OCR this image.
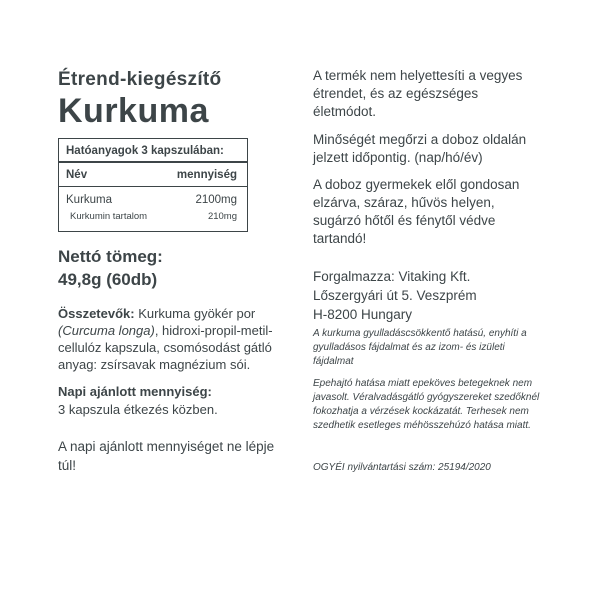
Étrend-kiegészítő
Kurkuma
Hatóanyagok 3 kapszulában:
Név	mennyiség
Kurkuma	2100mg
Kurkumin tartalom	210mg
Nettó tömeg:
49,8g (60db)

Összetevők: Kurkuma gyökér por (Curcuma longa), hidroxi-propil-metil-cellulóz kapszula, csomósodást gátló anyag: zsírsavak magnézium sói.

Napi ajánlott mennyiség:
3 kapszula étkezés közben.

A napi ajánlott mennyiséget ne lépje túl!

A termék nem helyettesíti a vegyes étrendet, és az egészséges életmódot.

Minőségét megőrzi a doboz oldalán jelzett időpontig. (nap/hó/év)

A doboz gyermekek elől gondosan elzárva, száraz, hűvös helyen, sugárzó hőtől és fénytől védve tartandó!

Forgalmazza: Vitaking Kft.
Lőszergyári út 5. Veszprém
H-8200 Hungary

A kurkuma gyulladáscsökkentő hatású, enyhíti a gyulladásos fájdalmat és az izom- és izületi fájdalmat

Epehajtó hatása miatt epeköves betegeknek nem javasolt. Véralvadásgátló gyógyszereket szedőknél fokozhatja a vérzések kockázatát. Terhesek nem szedhetik esetleges méhösszehúzó hatása miatt.

OGYÉI nyilvántartási szám: 25194/2020
